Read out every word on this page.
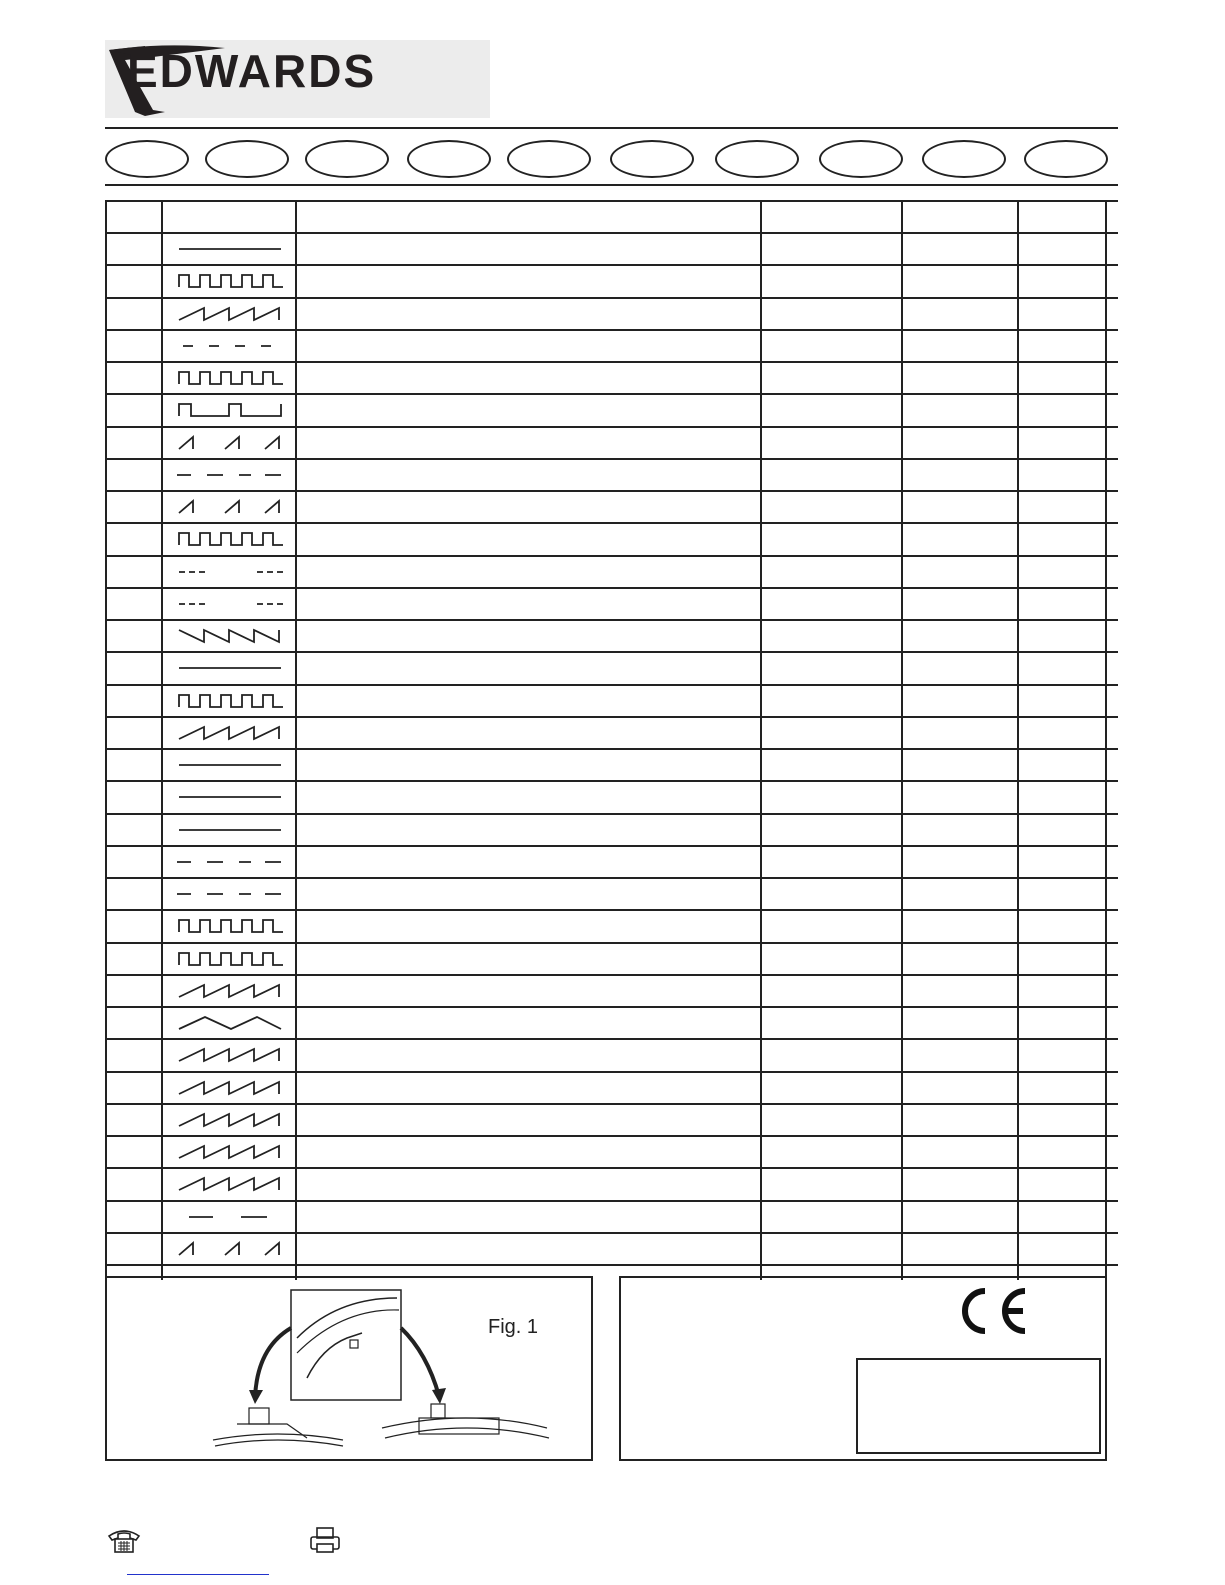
EDWARDS
Fig. 1
